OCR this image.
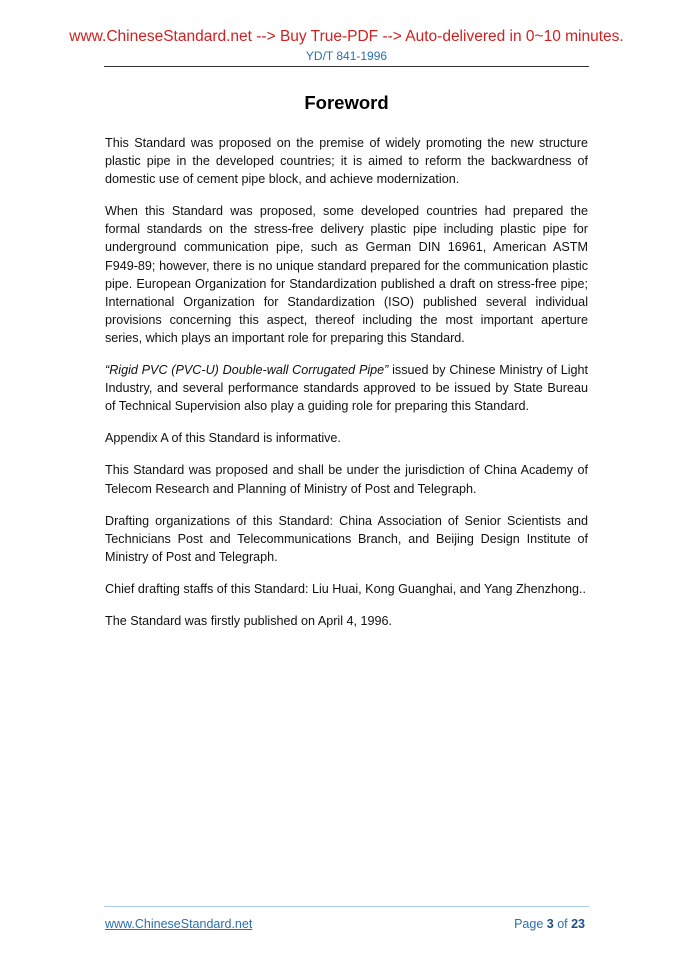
www.ChineseStandard.net --> Buy True-PDF --> Auto-delivered in 0~10 minutes.
YD/T 841-1996
Foreword

This Standard was proposed on the premise of widely promoting the new structure plastic pipe in the developed countries; it is aimed to reform the backwardness of domestic use of cement pipe block, and achieve modernization.

When this Standard was proposed, some developed countries had prepared the formal standards on the stress-free delivery plastic pipe including plastic pipe for underground communication pipe, such as German DIN 16961, American ASTM F949-89; however, there is no unique standard prepared for the communication plastic pipe. European Organization for Standardization published a draft on stress-free pipe; International Organization for Standardization (ISO) published several individual provisions concerning this aspect, thereof including the most important aperture series, which plays an important role for preparing this Standard.

“Rigid PVC (PVC-U) Double-wall Corrugated Pipe” issued by Chinese Ministry of Light Industry, and several performance standards approved to be issued by State Bureau of Technical Supervision also play a guiding role for preparing this Standard.

Appendix A of this Standard is informative.

This Standard was proposed and shall be under the jurisdiction of China Academy of Telecom Research and Planning of Ministry of Post and Telegraph.

Drafting organizations of this Standard: China Association of Senior Scientists and Technicians Post and Telecommunications Branch, and Beijing Design Institute of Ministry of Post and Telegraph.

Chief drafting staffs of this Standard: Liu Huai, Kong Guanghai, and Yang Zhenzhong..

The Standard was firstly published on April 4, 1996.

www.ChineseStandard.net	Page 3 of 23
